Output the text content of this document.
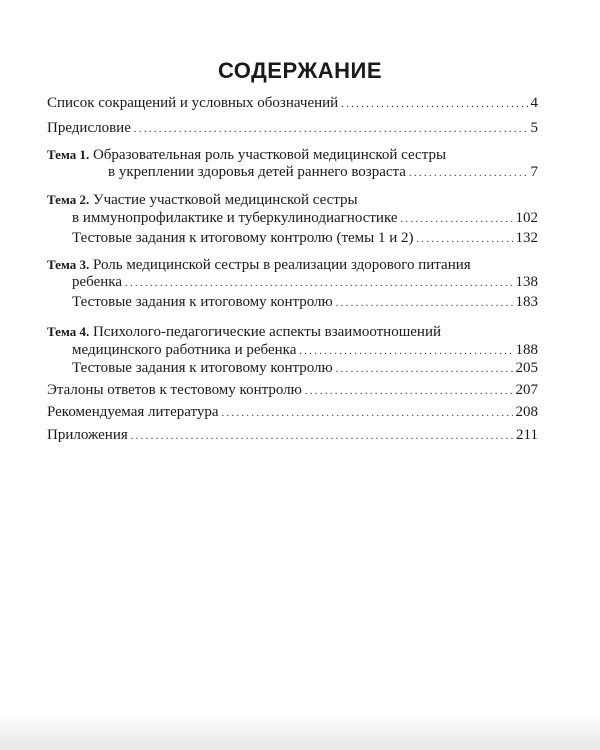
СОДЕРЖАНИЕ
Список сокращений и условных обозначений . . .	4
Предисловие . . .	5
Тема 1. Образовательная роль участковой медицинской сестры
в укреплении здоровья детей раннего возраста . . .	7
Тема 2. Участие участковой медицинской сестры
в иммунопрофилактике и туберкулинодиагностике . . .	102
Тестовые задания к итоговому контролю (темы 1 и 2) . . .	132
Тема 3. Роль медицинской сестры в реализации здорового питания
ребенка . . .	138
Тестовые задания к итоговому контролю . . .	183
Тема 4. Психолого-педагогические аспекты взаимоотношений
медицинского работника и ребенка . . .	188
Тестовые задания к итоговому контролю . . .	205
Эталоны ответов к тестовому контролю . . .	207
Рекомендуемая литература . . .	208
Приложения . . .	211
